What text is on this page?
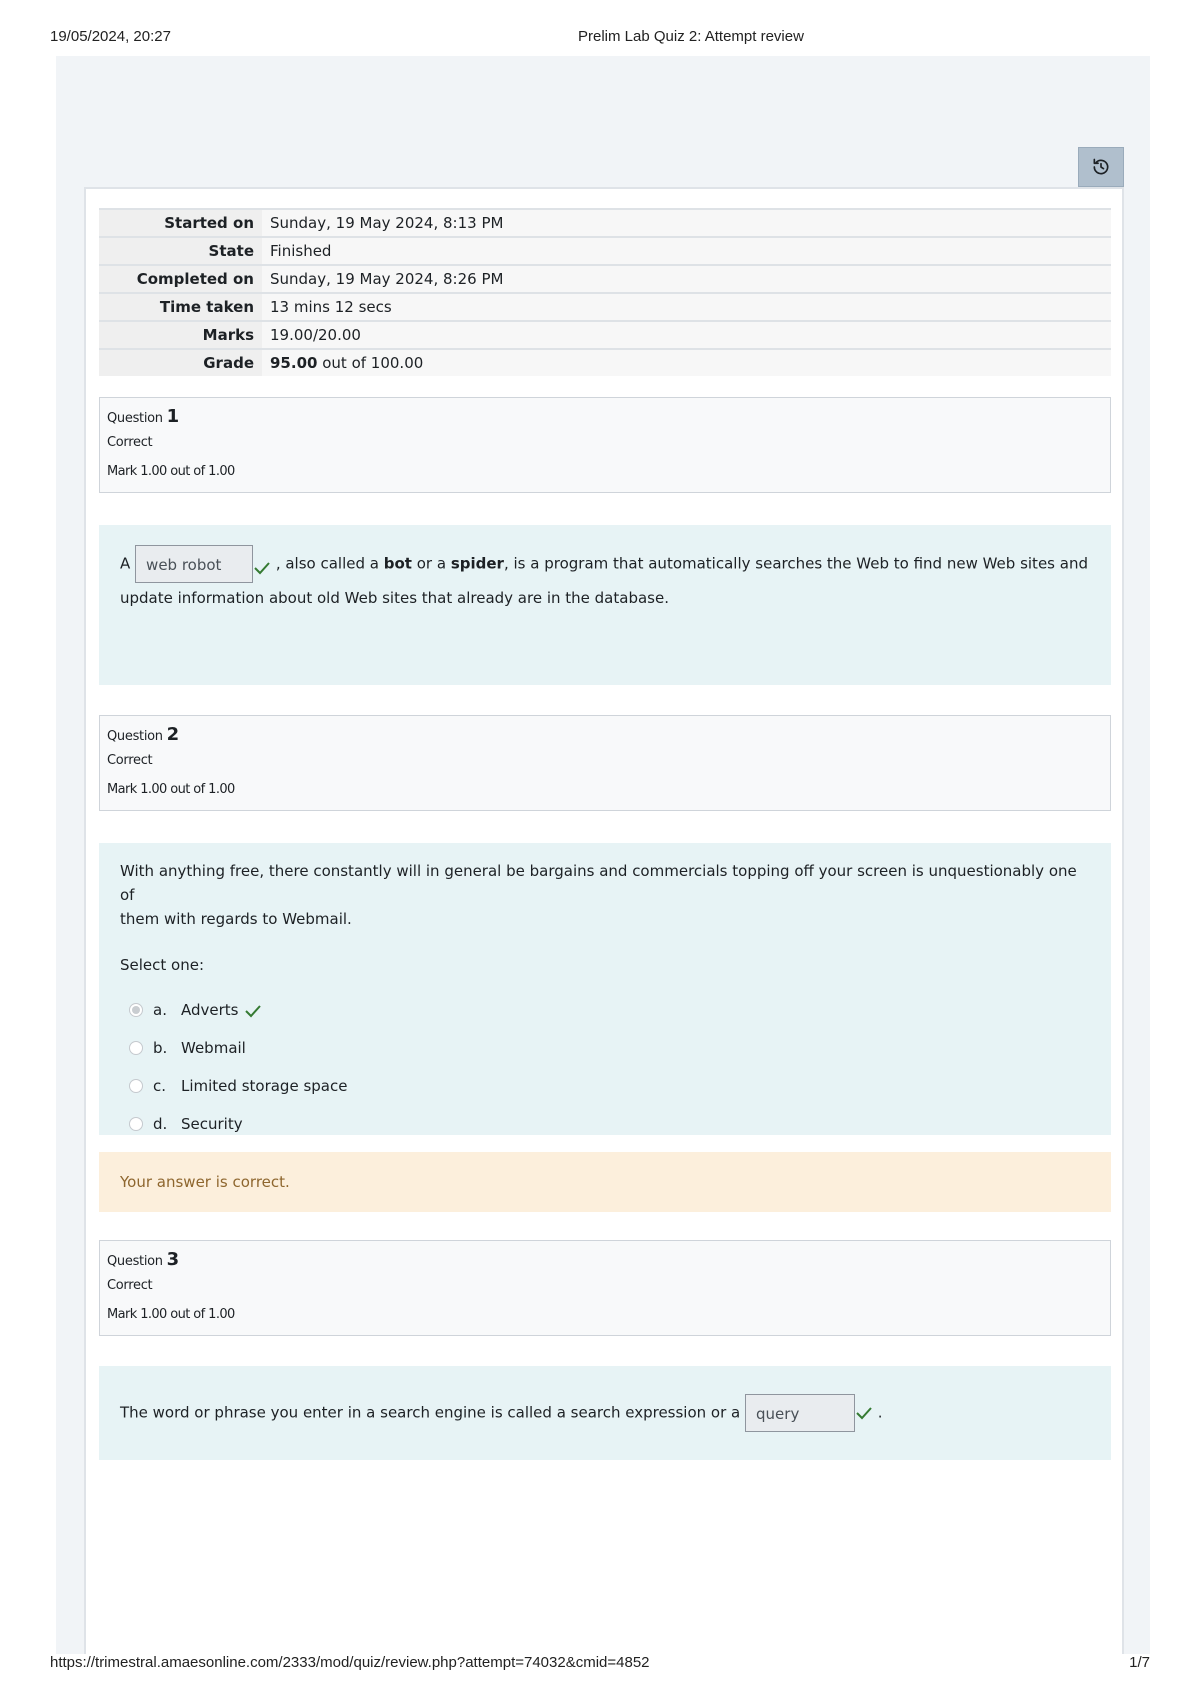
19/05/2024, 20:27	Prelim Lab Quiz 2: Attempt review
Started on	Sunday, 19 May 2024, 8:13 PM
State	Finished
Completed on	Sunday, 19 May 2024, 8:26 PM
Time taken	13 mins 12 secs
Marks	19.00/20.00
Grade	95.00 out of 100.00
Question 1
Correct
Mark 1.00 out of 1.00
A web robot	, also called a bot or a spider, is a program that automatically searches the Web to find new Web sites and
update information about old Web sites that already are in the database.
Question 2
Correct
Mark 1.00 out of 1.00
With anything free, there constantly will in general be bargains and commercials topping off your screen is unquestionably one of
them with regards to Webmail.
Select one:
a. Adverts
b. Webmail
c. Limited storage space
d. Security
Your answer is correct.
Question 3
Correct
Mark 1.00 out of 1.00
The word or phrase you enter in a search engine is called a search expression or a query	.
https://trimestral.amaesonline.com/2333/mod/quiz/review.php?attempt=74032&cmid=4852	1/7
